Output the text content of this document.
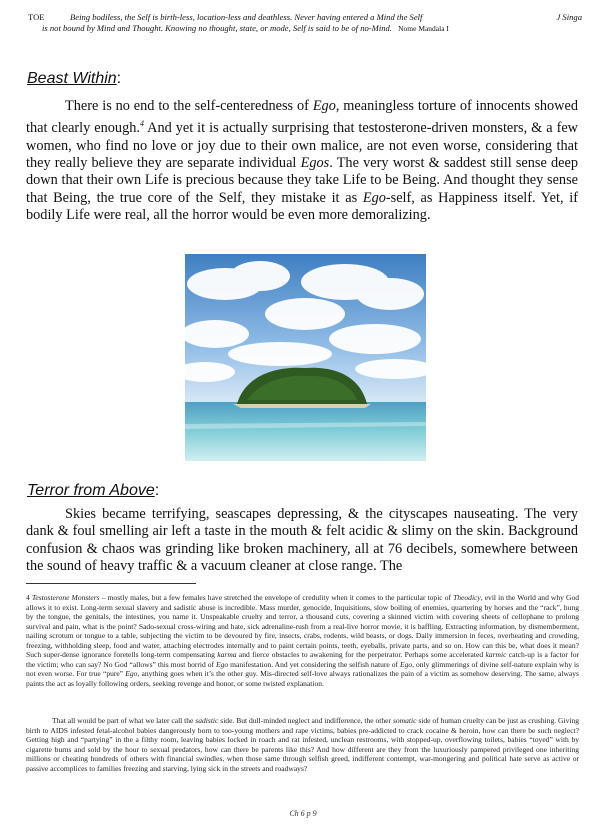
TOE	Being bodiless, the Self is birth-less, location-less and deathless. Never having entered a Mind the Self	J Singa
is not bound by Mind and Thought. Knowing no thought, state, or mode, Self is said to be of no-Mind. Nome Mandala I
Beast Within:

There is no end to the self-centeredness of Ego, meaningless torture of innocents showed that clearly enough.$^4$ And yet it is actually surprising that testosterone-driven monsters, & a few women, who find no love or joy due to their own malice, are not even worse, considering that they really believe they are separate individual Egos. The very worst & saddest still sense deep down that their own Life is precious because they take Life to be Being. And thought they sense that Being, the true core of the Self, they mistake it as Ego-self, as Happiness itself. Yet, if bodily Life were real, all the horror would be even more demoralizing.

Terror from Above:

Skies became terrifying, seascapes depressing, & the cityscapes nauseating. The very dank & foul smelling air left a taste in the mouth & felt acidic & slimy on the skin. Background confusion & chaos was grinding like broken machinery, all at 76 decibels, somewhere between the sound of heavy traffic & a vacuum cleaner at close range. The

4 Testosterone Monsters – mostly males, but a few females have stretched the envelope of credulity when it comes to the particular topic of Theodicy, evil in the World and why God allows it to exist. Long-term sexual slavery and sadistic abuse is incredible. Mass murder, genocide, Inquisitions, slow boiling of enemies, quartering by horses and the “rack”, hung by the tongue, the genitals, the intestines, you name it. Unspeakable cruelty and terror, a thousand cuts, covering a skinned victim with covering sheets of cellophane to prolong survival and pain, what is the point? Sado-sexual cross-wiring and hate, sick adrenaline-rush from a real-live horror movie, it is baffling. Extracting information, by dismemberment, nailing scrotum or tongue to a table, subjecting the victim to be devoured by fire, insects, crabs, rodents, wild beasts, or dogs. Daily immersion in feces, overheating and crowding, freezing, withholding sleep, food and water, attaching electrodes internally and to paint certain points, teeth, eyeballs, private parts, and so on. How can this be, what does it mean? Such super-dense ignorance foretells long-term compensating karma and fierce obstacles to awakening for the perpetrator. Perhaps some accelerated karmic catch-up is a factor for the victim; who can say? No God “allows” this most horrid of Ego manifestation. And yet considering the selfish nature of Ego, only glimmerings of divine self-nature explain why is not even worse. For true “pure” Ego, anything goes when it’s the other guy. Mis-directed self-love always rationalizes the pain of a victim as somehow deserving. The same, always paints the act as loyally following orders, seeking revenge and honor, or some twisted explanation.

That all would be part of what we later call the sadistic side. But dull-minded neglect and indifference, the other somatic side of human cruelty can be just as crushing. Giving birth to AIDS infested fetal-alcohol babies dangerously born to too-young mothers and rape victims, babies pre-addicted to crack cocaine & heroin, how can there be such neglect? Getting high and “partying” in the a filthy room, leaving babies locked in roach and rat infested, unclean restrooms, with stopped-up, overflowing toilets, babies “toyed” with by cigarette burns and sold by the hour to sexual predators, how can there be parents like this? And how different are they from the luxuriously pampered privileged one inheriting millions or cheating hundreds of others with financial swindles, when those same through selfish greed, indifferent contempt, war-mongering and political hate serve as active or passive accomplices to families freezing and starving, lying sick in the streets and roadways?

Ch 6 p 9
